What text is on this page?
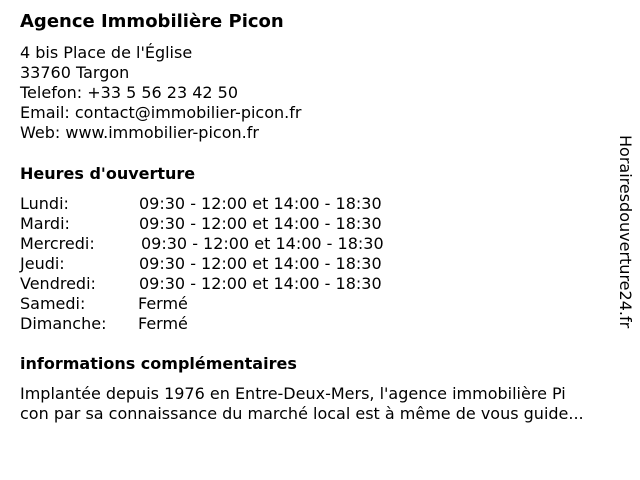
Agence Immobilière Picon
4 bis Place de l'Église
33760 Targon
Telefon: +33 5 56 23 42 50
Email: contact@immobilier-picon.fr
Web: www.immobilier-picon.fr
Heures d'ouverture
Lundi:	09:30 - 12:00 et 14:00 - 18:30
Mardi:	09:30 - 12:00 et 14:00 - 18:30
Mercredi:	09:30 - 12:00 et 14:00 - 18:30
Jeudi:	09:30 - 12:00 et 14:00 - 18:30
Vendredi:	09:30 - 12:00 et 14:00 - 18:30
Samedi:	Fermé
Dimanche: Fermé
informations complémentaires
Implantée depuis 1976 en Entre-Deux-Mers, l'agence immobilière Pi
con par sa connaissance du marché local est à même de vous guide...
Horairesdouverture24.fr
